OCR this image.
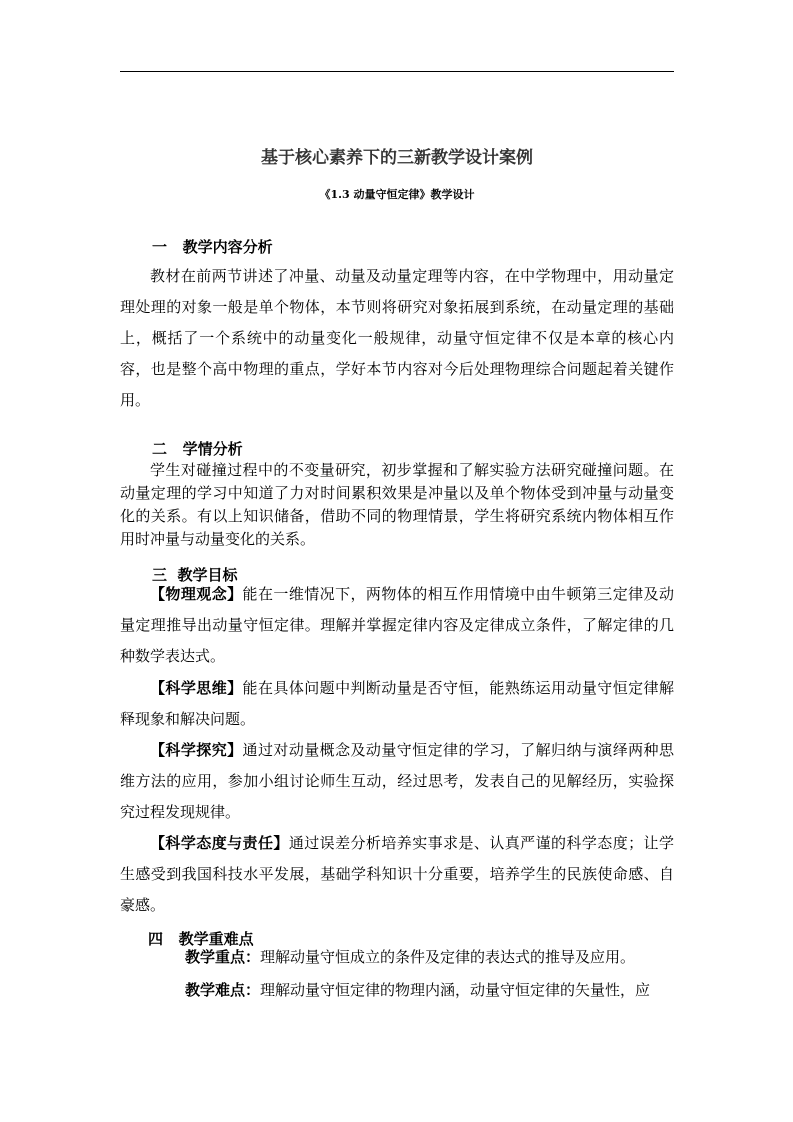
基于核心素养下的三新教学设计案例
《1.3 动量守恒定律》教学设计
一   教学内容分析

教材在前两节讲述了冲量、动量及动量定理等内容，在中学物理中，用动量定理处理的对象一般是单个物体，本节则将研究对象拓展到系统，在动量定理的基础上，概括了一个系统中的动量变化一般规律，动量守恒定律不仅是本章的核心内容，也是整个高中物理的重点，学好本节内容对今后处理物理综合问题起着关键作用。

二   学情分析

学生对碰撞过程中的不变量研究，初步掌握和了解实验方法研究碰撞问题。在动量定理的学习中知道了力对时间累积效果是冲量以及单个物体受到冲量与动量变化的关系。有以上知识储备，借助不同的物理情景，学生将研究系统内物体相互作用时冲量与动量变化的关系。

三  教学目标

【物理观念】能在一维情况下，两物体的相互作用情境中由牛顿第三定律及动量定理推导出动量守恒定律。理解并掌握定律内容及定律成立条件，了解定律的几种数学表达式。

【科学思维】能在具体问题中判断动量是否守恒，能熟练运用动量守恒定律解释现象和解决问题。

【科学探究】通过对动量概念及动量守恒定律的学习，了解归纳与演绎两种思维方法的应用，参加小组讨论师生互动，经过思考，发表自己的见解经历，实验探究过程发现规律。

【科学态度与责任】通过误差分析培养实事求是、认真严谨的科学态度；让学生感受到我国科技水平发展，基础学科知识十分重要，培养学生的民族使命感、自豪感。

四   教学重难点

教学重点：理解动量守恒成立的条件及定律的表达式的推导及应用。

教学难点：理解动量守恒定律的物理内涵，动量守恒定律的矢量性，应
